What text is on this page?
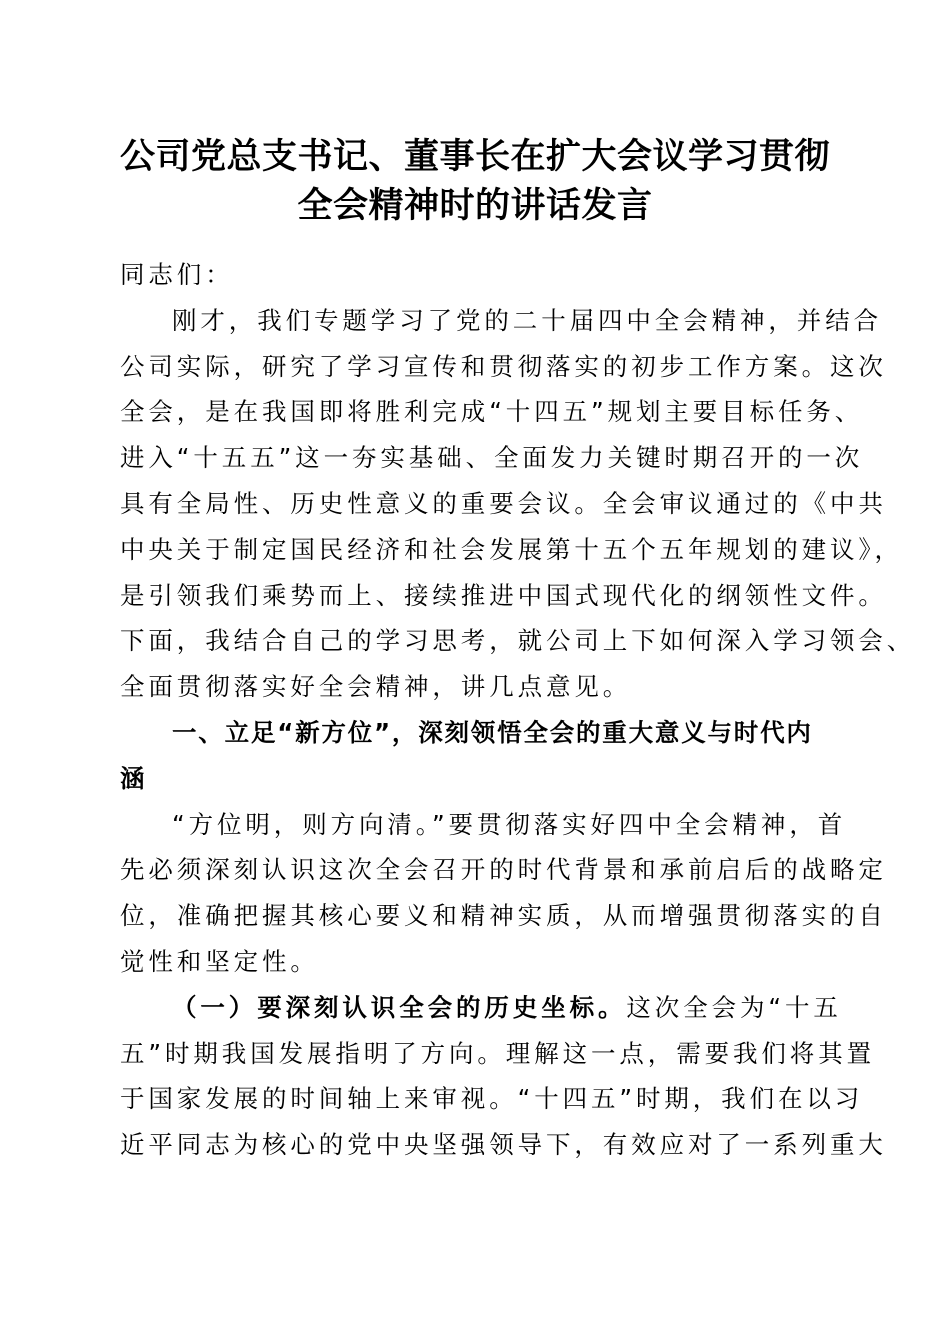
公司党总支书记、董事长在扩大会议学习贯彻
全会精神时的讲话发言
同志们：
刚才，我们专题学习了党的二十届四中全会精神，并结合
公司实际，研究了学习宣传和贯彻落实的初步工作方案。这次
全会，是在我国即将胜利完成“十四五”规划主要目标任务、
进入“十五五”这一夯实基础、全面发力关键时期召开的一次
具有全局性、历史性意义的重要会议。全会审议通过的《中共
中央关于制定国民经济和社会发展第十五个五年规划的建议》，
是引领我们乘势而上、接续推进中国式现代化的纲领性文件。
下面，我结合自己的学习思考，就公司上下如何深入学习领会、
全面贯彻落实好全会精神，讲几点意见。
一、立足“新方位”，深刻领悟全会的重大意义与时代内
涵
“方位明，则方向清。”要贯彻落实好四中全会精神，首
先必须深刻认识这次全会召开的时代背景和承前启后的战略定
位，准确把握其核心要义和精神实质，从而增强贯彻落实的自
觉性和坚定性。
（一）要深刻认识全会的历史坐标。这次全会为“十五
五”时期我国发展指明了方向。理解这一点，需要我们将其置
于国家发展的时间轴上来审视。“十四五”时期，我们在以习
近平同志为核心的党中央坚强领导下，有效应对了一系列重大
